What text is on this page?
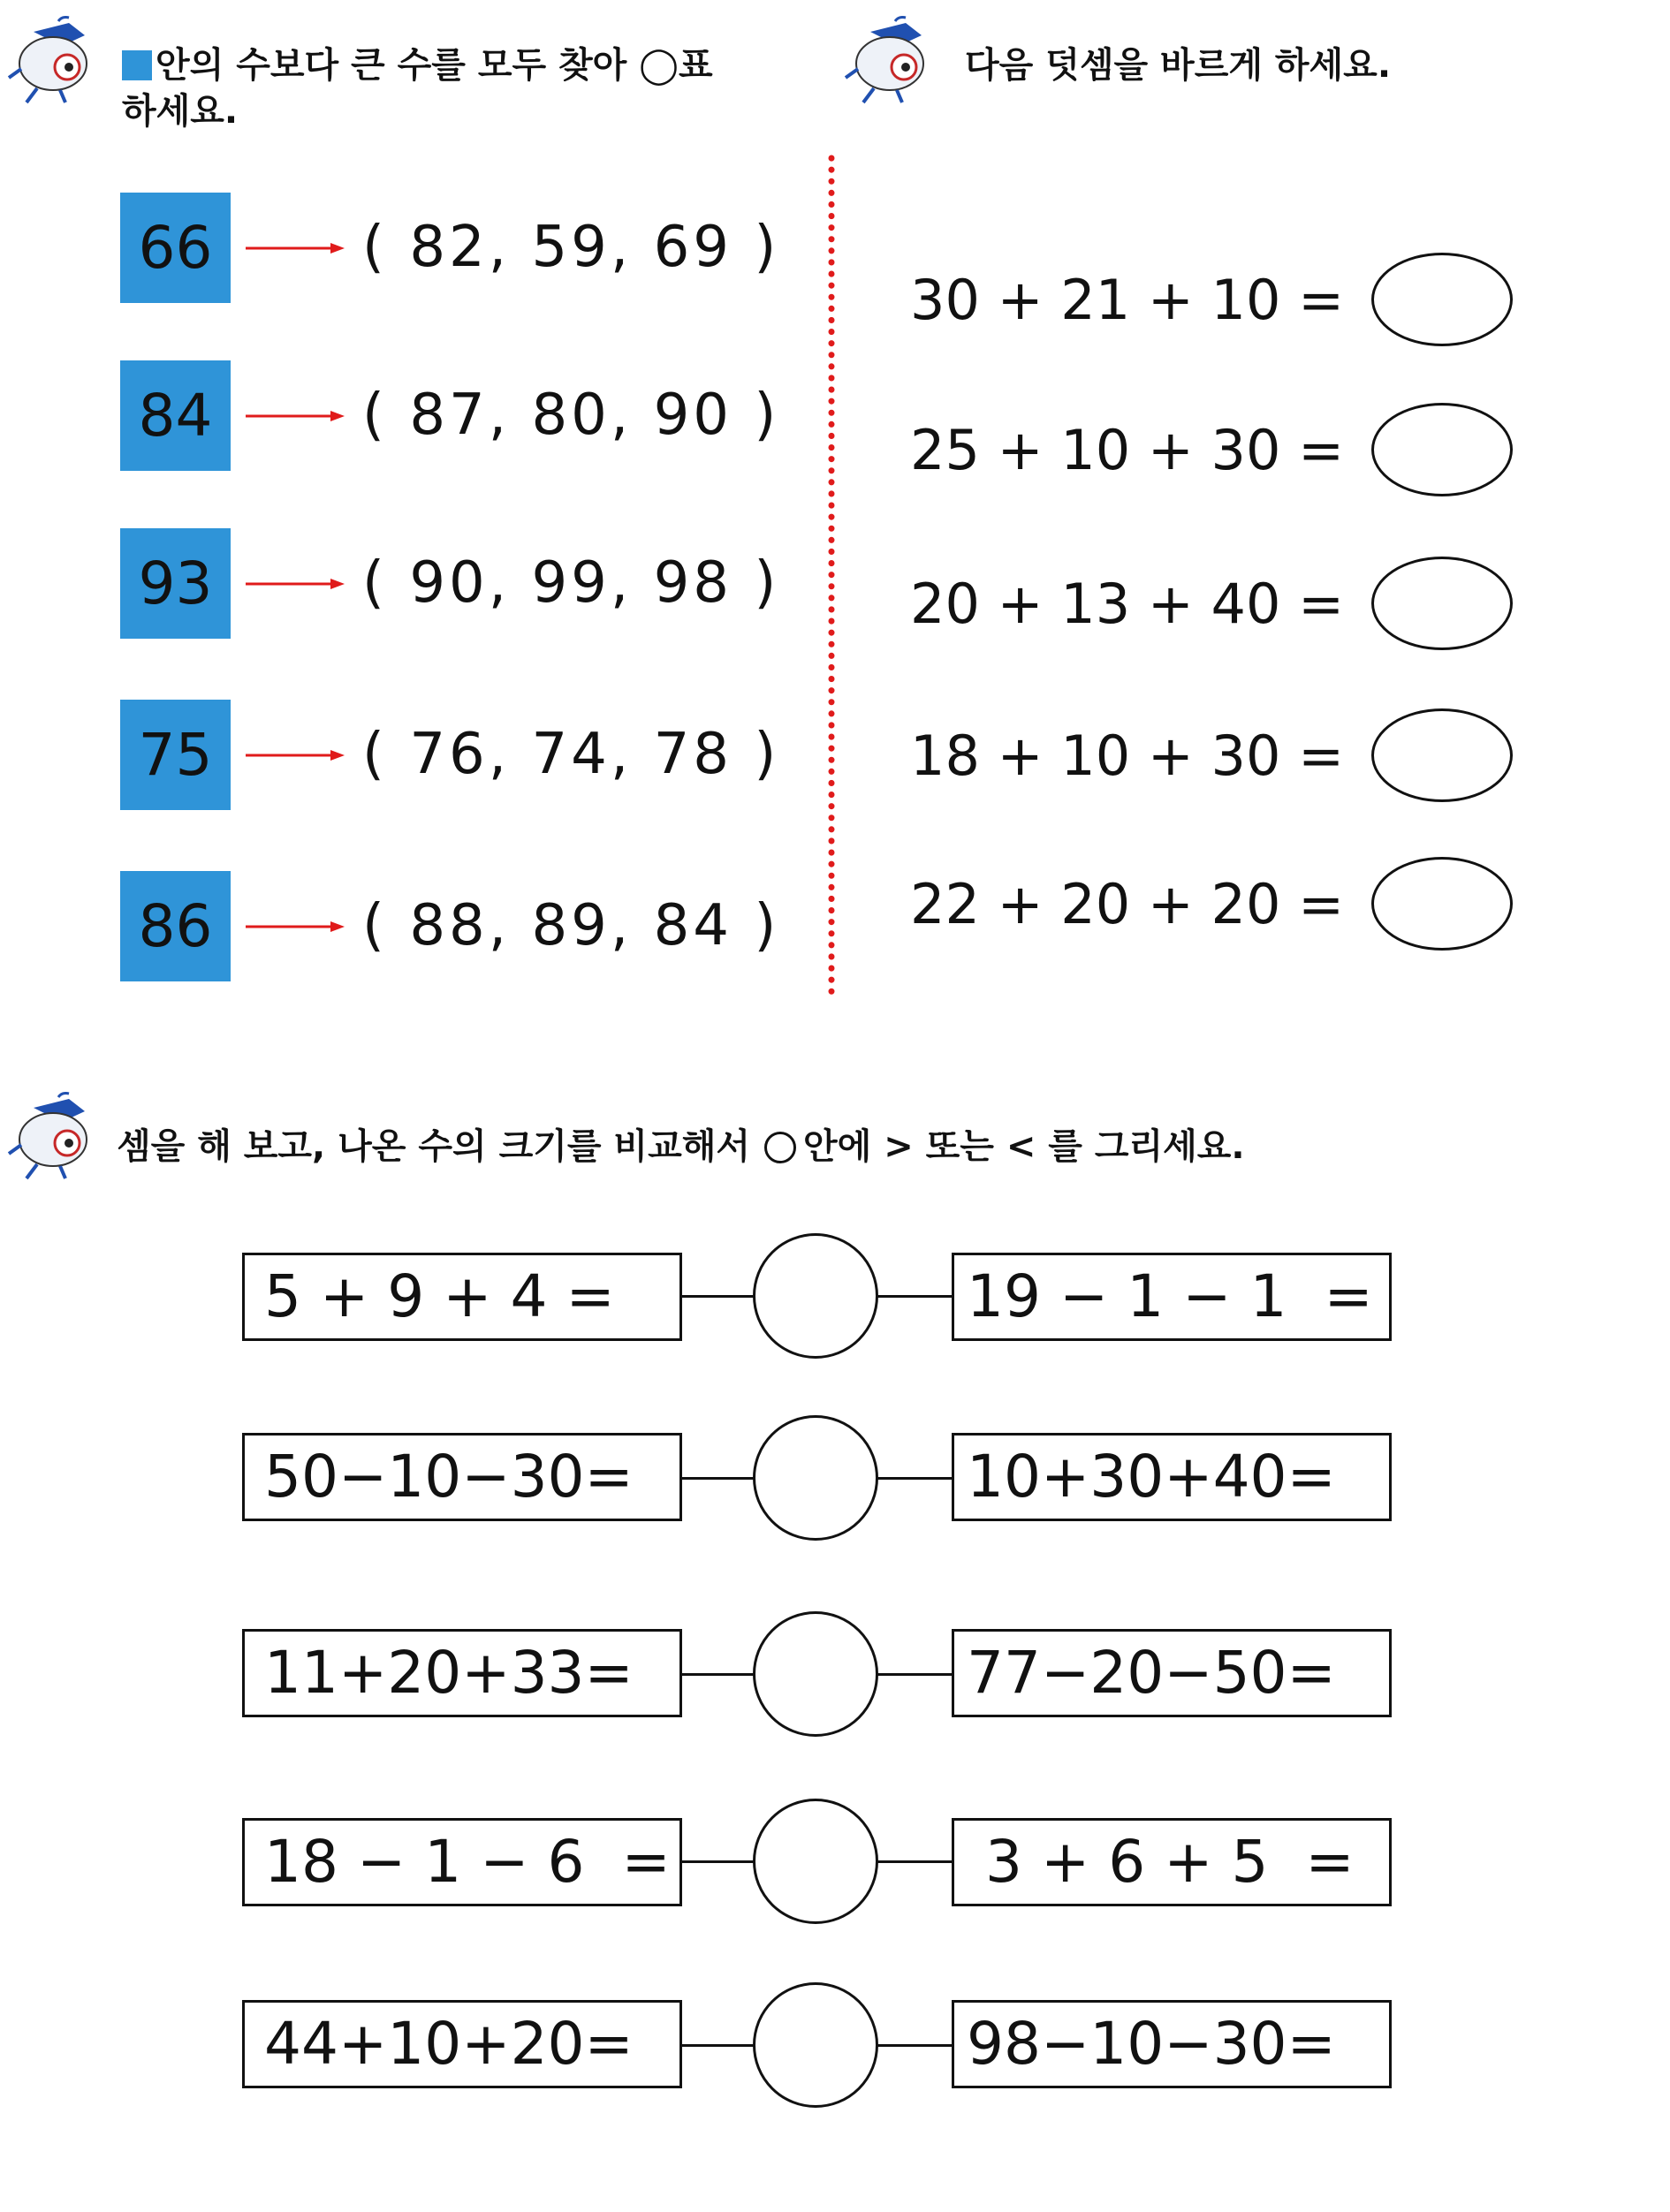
안의 수보다 큰 수를 모두 찾아 ◯표
하세요.
다음 덧셈을 바르게 하세요.
66	( 82, 59, 69 )
84	( 87, 80, 90 )
93	( 90, 99, 98 )
75	( 76, 74, 78 )
86	( 88, 89, 84 )
30 + 21 + 10 =
25 + 10 + 30 =
20 + 13 + 40 =
18 + 10 + 30 =
22 + 20 + 20 =
셈을 해 보고, 나온 수의 크기를 비교해서 안에 > 또는 < 를 그리세요.
5 + 9 + 4 =	19 − 1 − 1  =
50−10−30=	10+30+40=
11+20+33=	77−20−50=
18 − 1 − 6  =	3 + 6 + 5  =
44+10+20=	98−10−30=
